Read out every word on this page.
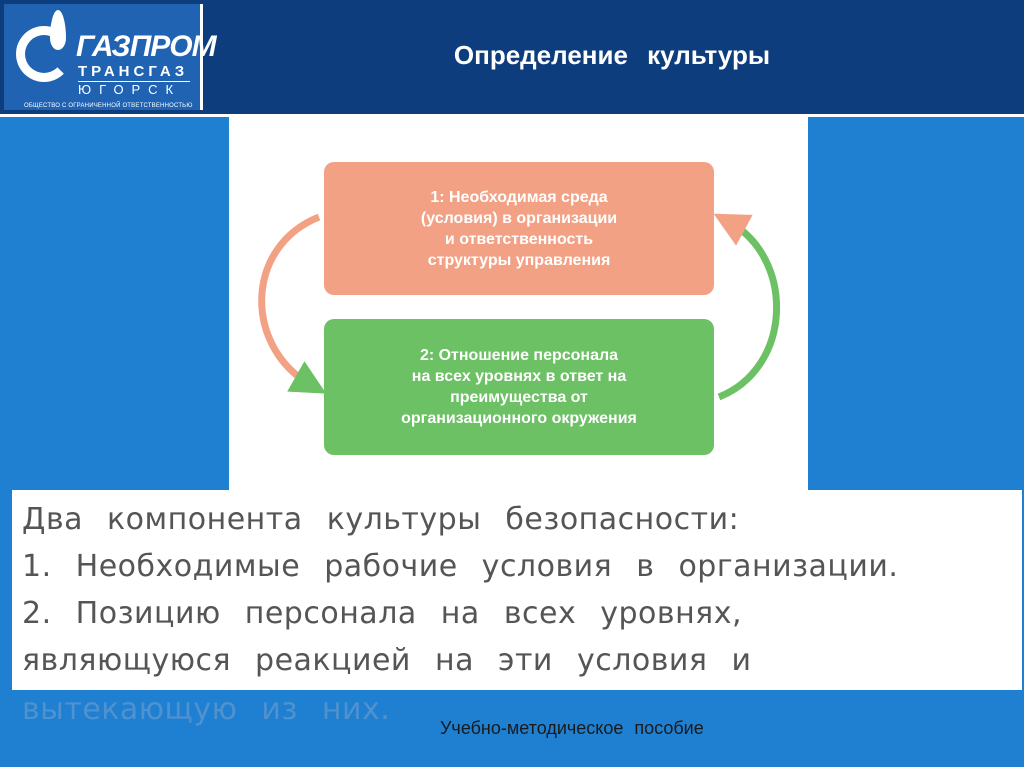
ГАЗПРОМ
ТРАНСГАЗ
ЮГОРСК
ОБЩЕСТВО С ОГРАНИЧЕННОЙ ОТВЕТСТВЕННОСТЬЮ
Определение культуры
1: Необходимая среда
(условия) в организации
и ответственность
структуры управления
2: Отношение персонала
на всех уровнях в ответ на
преимущества от
организационного окружения
Два компонента культуры безопасности:
1. Необходимые рабочие условия в организации.
2. Позицию персонала на всех уровнях,
являющуюся реакцией на эти условия и
вытекающую из них.
Учебно-методическое пособие
